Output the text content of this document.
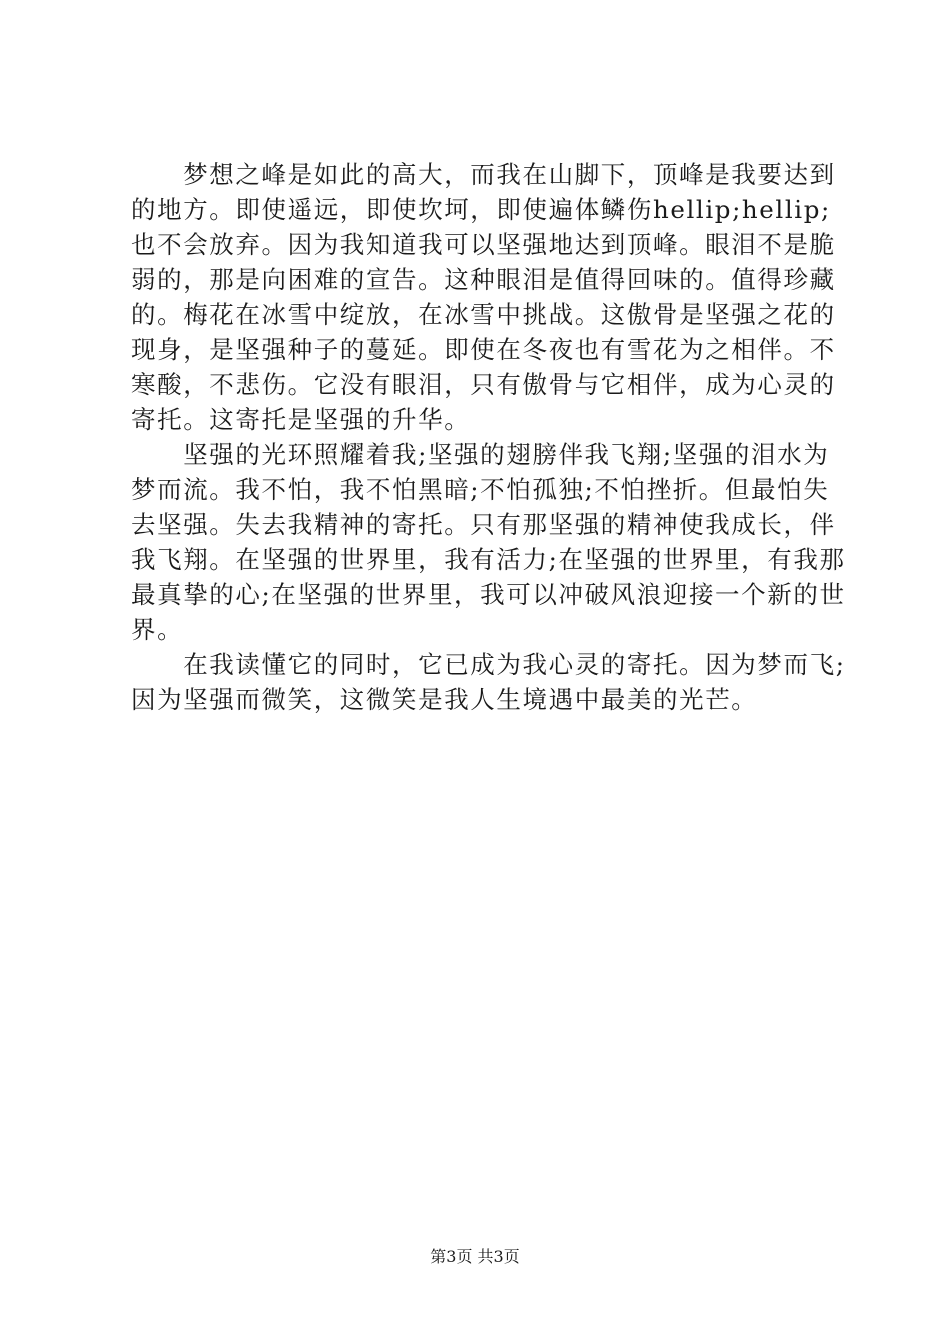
　　梦想之峰是如此的高大，而我在山脚下，顶峰是我要达到
的地方。即使遥远，即使坎坷，即使遍体鳞伤hellip;hellip;
也不会放弃。因为我知道我可以坚强地达到顶峰。眼泪不是脆
弱的，那是向困难的宣告。这种眼泪是值得回味的。值得珍藏
的。梅花在冰雪中绽放，在冰雪中挑战。这傲骨是坚强之花的
现身，是坚强种子的蔓延。即使在冬夜也有雪花为之相伴。不
寒酸，不悲伤。它没有眼泪，只有傲骨与它相伴，成为心灵的
寄托。这寄托是坚强的升华。
　　坚强的光环照耀着我;坚强的翅膀伴我飞翔;坚强的泪水为
梦而流。我不怕，我不怕黑暗;不怕孤独;不怕挫折。但最怕失
去坚强。失去我精神的寄托。只有那坚强的精神使我成长，伴
我飞翔。在坚强的世界里，我有活力;在坚强的世界里，有我那
最真挚的心;在坚强的世界里，我可以冲破风浪迎接一个新的世
界。
　　在我读懂它的同时，它已成为我心灵的寄托。因为梦而飞;
因为坚强而微笑，这微笑是我人生境遇中最美的光芒。
第3页 共3页
